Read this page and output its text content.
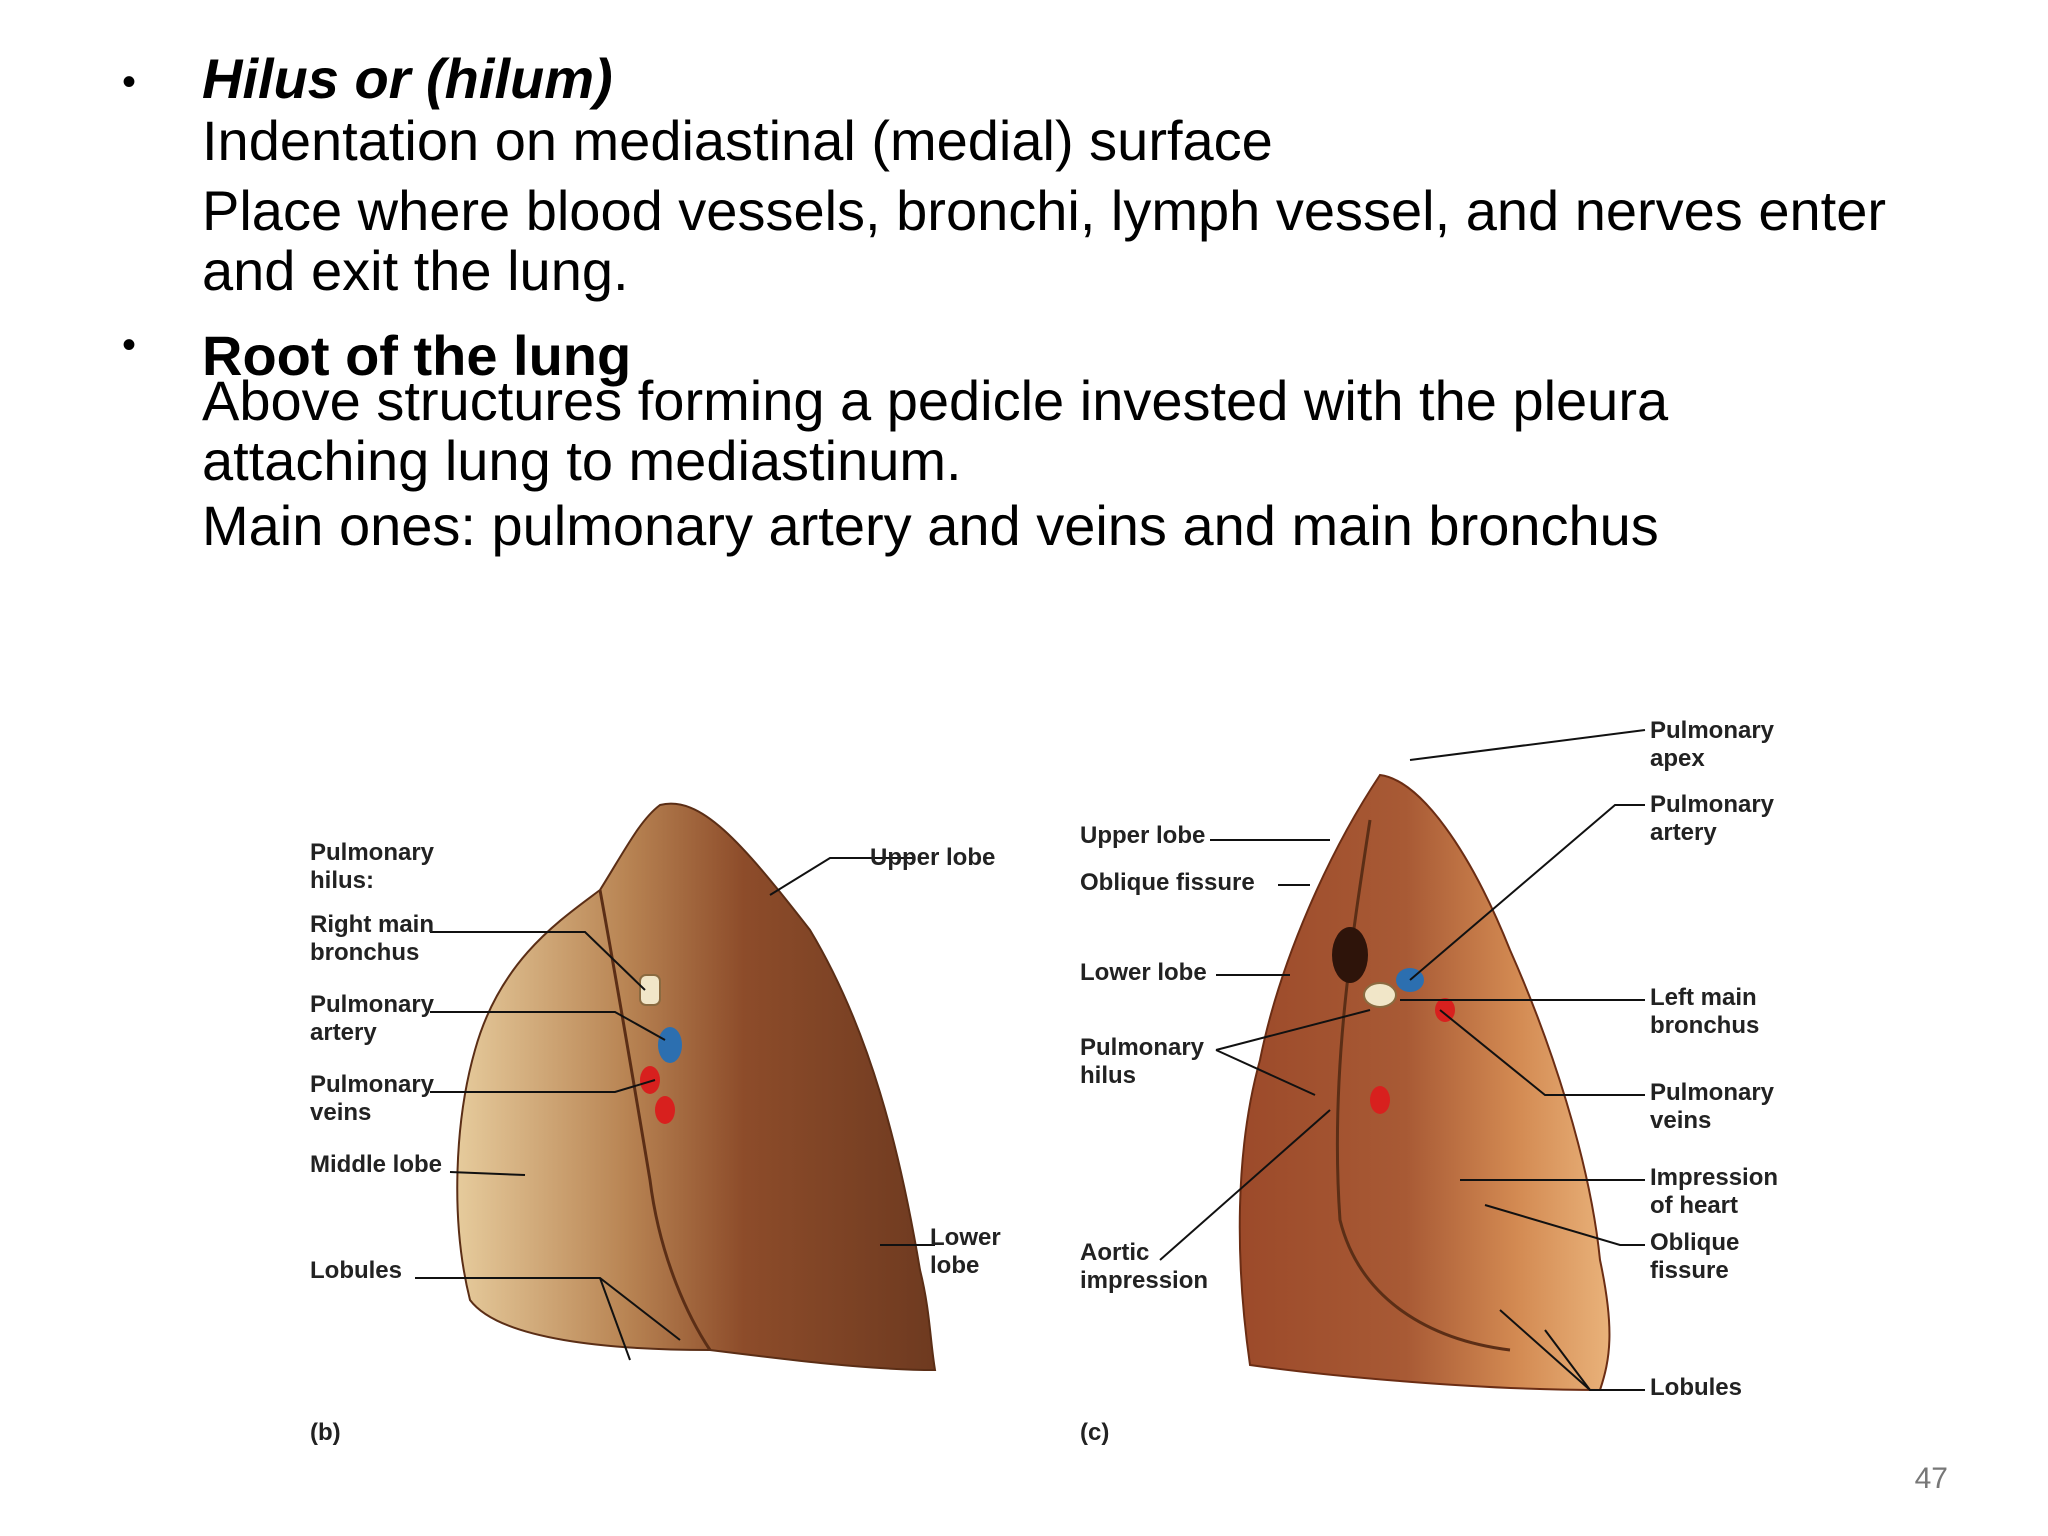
• Hilus or (hilum)
Indentation on mediastinal (medial) surface
Place where blood vessels, bronchi, lymph vessel, and nerves enter
and exit the lung.
• Root of the lung
Above structures forming a pedicle invested with the pleura
attaching lung to mediastinum.
Main ones: pulmonary artery and veins and main bronchus
Pulmonary
hilus:
Right main
bronchus
Pulmonary
artery
Pulmonary
veins
Middle lobe
Lobules
Upper lobe
Lower
lobe
(b)
Upper lobe
Oblique fissure
Lower lobe
Pulmonary
hilus
Aortic
impression
Pulmonary
apex
Pulmonary
artery
Left main
bronchus
Pulmonary
veins
Impression
of heart
Oblique
fissure
Lobules
(c)
47
